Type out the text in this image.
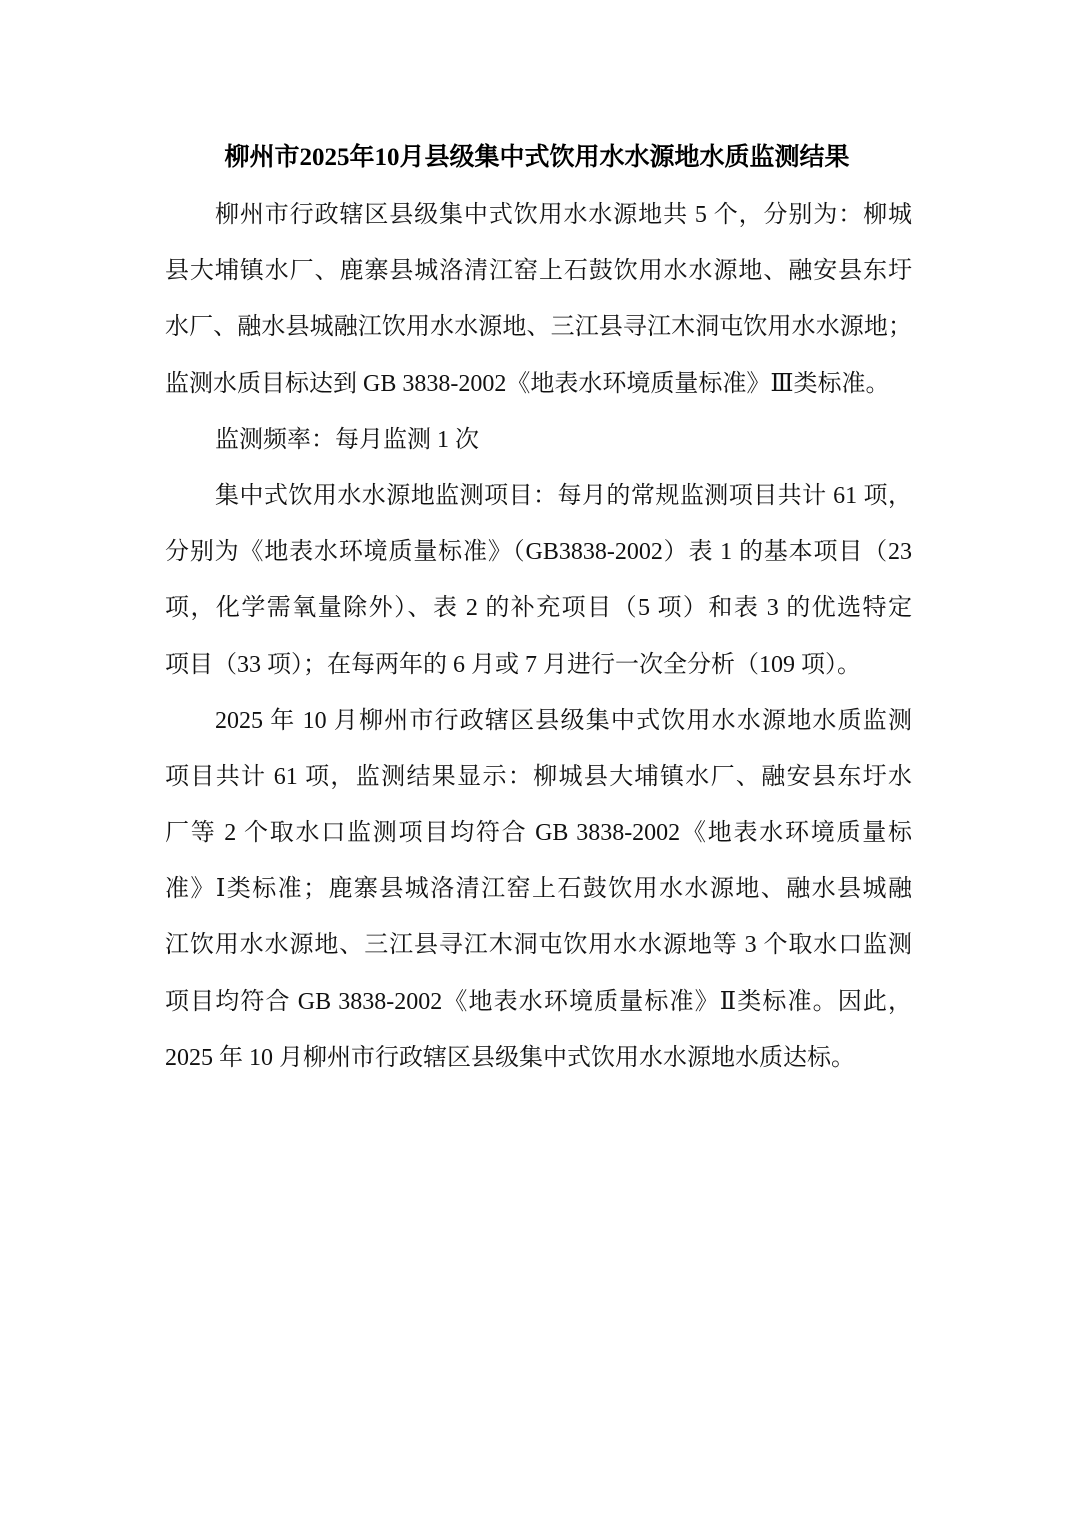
柳州市2025年10月县级集中式饮用水水源地水质监测结果
柳州市行政辖区县级集中式饮用水水源地共 5 个，分别为：柳城
县大埔镇水厂、鹿寨县城洛清江窑上石鼓饮用水水源地、融安县东圩
水厂、融水县城融江饮用水水源地、三江县寻江木洞屯饮用水水源地；
监测水质目标达到 GB 3838-2002《地表水环境质量标准》Ⅲ类标准。
监测频率：每月监测 1 次
集中式饮用水水源地监测项目：每月的常规监测项目共计 61 项，
分别为《地表水环境质量标准》（GB3838-2002）表 1 的基本项目（23
项，化学需氧量除外）、表 2 的补充项目（5 项）和表 3 的优选特定
项目（33 项）；在每两年的 6 月或 7 月进行一次全分析（109 项）。
2025 年 10 月柳州市行政辖区县级集中式饮用水水源地水质监测
项目共计 61 项，监测结果显示：柳城县大埔镇水厂、融安县东圩水
厂等 2 个取水口监测项目均符合 GB 3838-2002《地表水环境质量标
准》Ⅰ类标准；鹿寨县城洛清江窑上石鼓饮用水水源地、融水县城融
江饮用水水源地、三江县寻江木洞屯饮用水水源地等 3 个取水口监测
项目均符合 GB 3838-2002《地表水环境质量标准》Ⅱ类标准。因此，
2025 年 10 月柳州市行政辖区县级集中式饮用水水源地水质达标。
